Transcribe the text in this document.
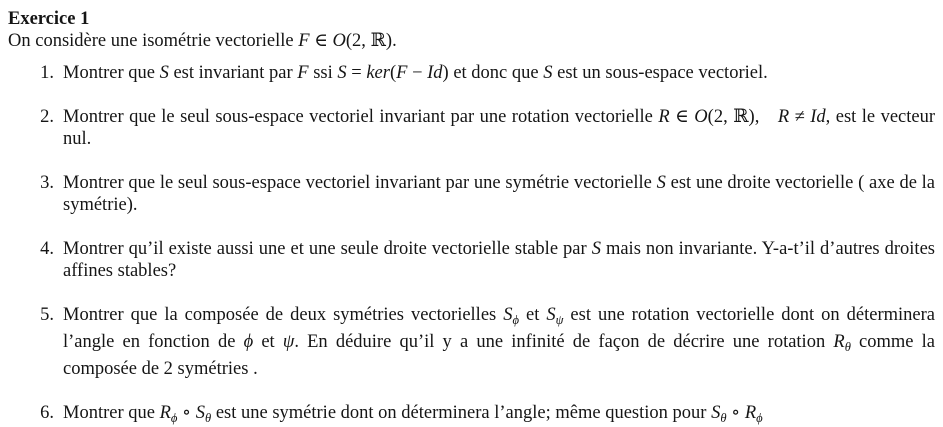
Exercice 1
On considère une isométrie vectorielle F ∈ O(2, ℝ).
1. Montrer que S est invariant par F ssi S = ker(F − Id) et donc que S est un sous-espace vectoriel.
2. Montrer que le seul sous-espace vectoriel invariant par une rotation vectorielle R ∈ O(2, ℝ),  R ≠ Id, est le vecteur nul.
3. Montrer que le seul sous-espace vectoriel invariant par une symétrie vectorielle S est une droite vectorielle ( axe de la symétrie).
4. Montrer qu’il existe aussi une et une seule droite vectorielle stable par S mais non invariante. Y-a-t’il d’autres droites affines stables?
5. Montrer que la composée de deux symétries vectorielles $S_\phi$ et $S_\psi$ est une rotation vectorielle dont on déterminera l’angle en fonction de ϕ et ψ. En déduire qu’il y a une infinité de façon de décrire une rotation $R_\theta$ comme la composée de 2 symétries .
6. Montrer que $R_\phi$ ∘ $S_\theta$ est une symétrie dont on déterminera l’angle; même question pour $S_\theta$ ∘ $R_\phi$
